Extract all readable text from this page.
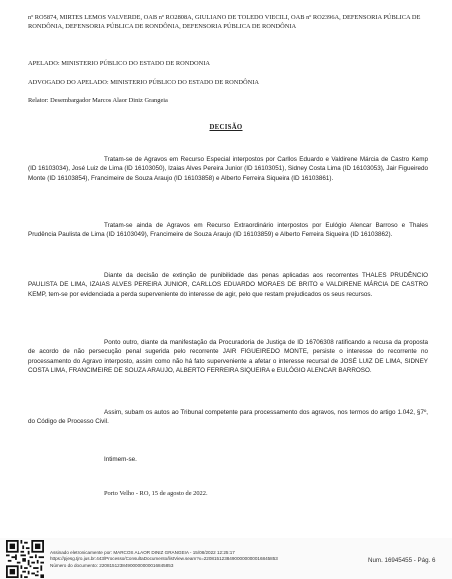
nº RO5874, MIRTES LEMOS VALVERDE, OAB nº RO2808A, GIULIANO DE TOLEDO VIECILI, OAB nº RO2396A, DEFENSORIA PÚBLICA DE RONDÔNIA, DEFENSORIA PÚBLICA DE RONDÔNIA, DEFENSORIA PÚBLICA DE RONDÔNIA
APELADO: MINISTERIO PÚBLICO DO ESTADO DE RONDONIA
ADVOGADO DO APELADO: MINISTERIO PÚBLICO DO ESTADO DE RONDÔNIA
Relator: Desembargador Marcos Alaor Diniz Grangeia
DECISÃO
Tratam-se de Agravos em Recurso Especial interpostos por Carllos Eduardo e Valdirene Márcia de Castro Kemp (ID 16103034), José Luiz de Lima (ID 16103050), Izaias Alves Pereira Junior (ID 16103051), Sidney Costa Lima (ID 16103053), Jair Figueiredo Monte (ID 16103854), Francimeire de Souza Araujo (ID 16103858) e Alberto Ferreira Siqueira (ID 16103861).
Tratam-se ainda de Agravos em Recurso Extraordinário interpostos por Eulógio Alencar Barroso e Thales Prudência Paulista de Lima (ID 16103049), Francimeire de Souza Araujo (ID 16103859) e Alberto Ferreira Siqueira (ID 16103862).
Diante da decisão de extinção de punibilidade das penas aplicadas aos recorrentes THALES PRUDÊNCIO PAULISTA DE LIMA, IZAIAS ALVES PEREIRA JUNIOR, CARLLOS EDUARDO MORAES DE BRITO e VALDIRENE MÁRCIA DE CASTRO KEMP, tem-se por evidenciada a perda superveniente do interesse de agir, pelo que restam prejudicados os seus recursos.
Ponto outro, diante da manifestação da Procuradoria de Justiça de ID 16706308 ratificando a recusa da proposta de acordo de não persecução penal sugerida pelo recorrente JAIR FIGUEIREDO MONTE, persiste o interesse do recorrente no processamento do Agravo interposto, assim como não há fato superveniente a afetar o interesse recursal de JOSÉ LUIZ DE LIMA, SIDNEY COSTA LIMA, FRANCIMEIRE DE SOUZA ARAUJO, ALBERTO FERREIRA SIQUEIRA e EULÓGIO ALENCAR BARROSO.
Assim, subam os autos ao Tribunal competente para processamento dos agravos, nos termos do artigo 1.042, §7º, do Código de Processo Civil.
Intimem-se.
Porto Velho - RO, 15 de agosto de 2022.
Assinado eletronicamente por: MARCOS ALAOR DINIZ GRANGEIA - 15/08/2022 12:25:17
https://pjesg.tjro.jus.br:443/Processo/ConsultaDocumento/listView.seam?x=22081512384900000000016845853
Número do documento: 22081512384900000000016845853
Num. 16945455 - Pág. 6
